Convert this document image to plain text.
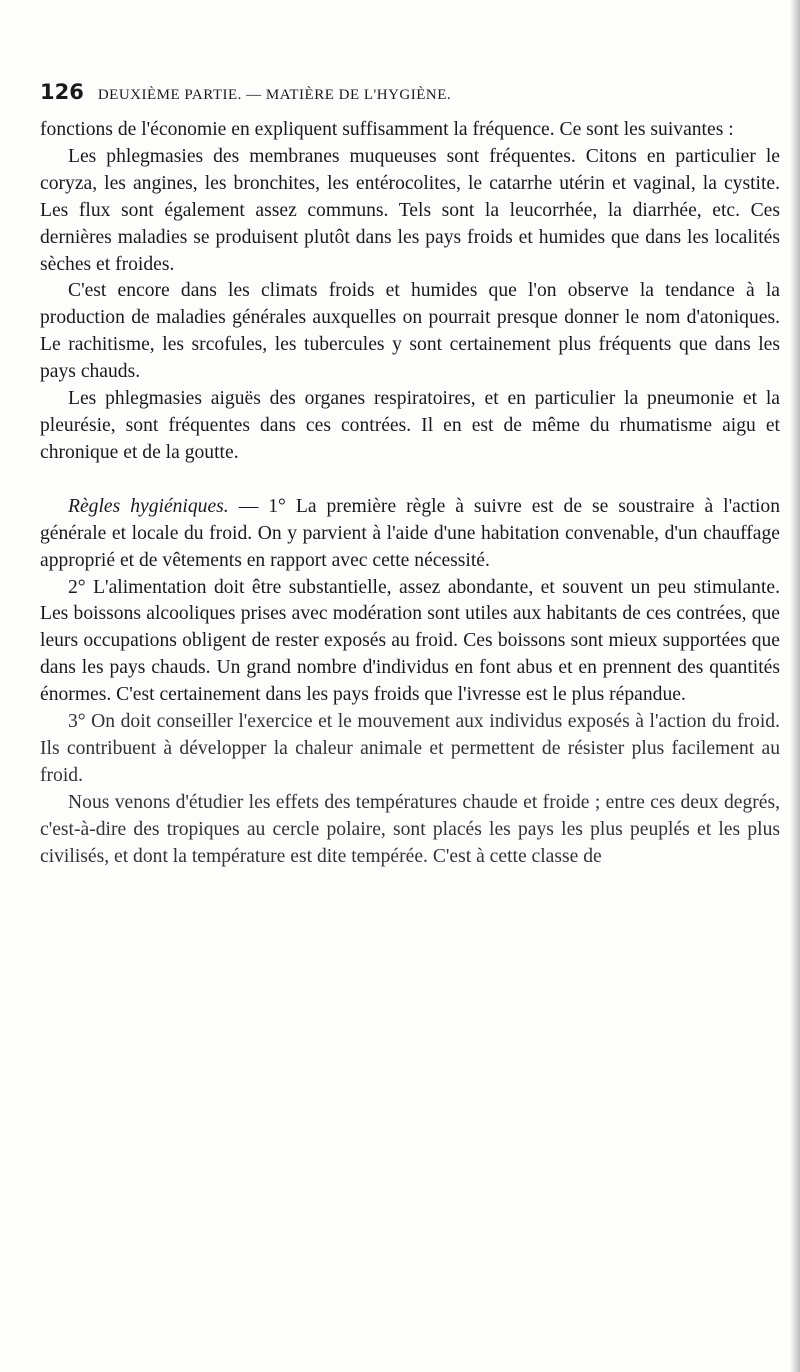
126 DEUXIÈME PARTIE. — MATIÈRE DE L'HYGIÈNE.

fonctions de l'économie en expliquent suffisamment la fréquence. Ce sont les suivantes :

Les phlegmasies des membranes muqueuses sont fréquentes. Citons en particulier le coryza, les angines, les bronchites, les entérocolites, le catarrhe utérin et vaginal, la cystite. Les flux sont également assez communs. Tels sont la leucorrhée, la diarrhée, etc. Ces dernières maladies se produisent plutôt dans les pays froids et humides que dans les localités sèches et froides.

C'est encore dans les climats froids et humides que l'on observe la tendance à la production de maladies générales auxquelles on pourrait presque donner le nom d'atoniques. Le rachitisme, les srcofules, les tubercules y sont certainement plus fréquents que dans les pays chauds.

Les phlegmasies aiguës des organes respiratoires, et en particulier la pneumonie et la pleurésie, sont fréquentes dans ces contrées. Il en est de même du rhumatisme aigu et chronique et de la goutte.

Règles hygiéniques. — 1° La première règle à suivre est de se soustraire à l'action générale et locale du froid. On y parvient à l'aide d'une habitation convenable, d'un chauffage approprié et de vêtements en rapport avec cette nécessité.

2° L'alimentation doit être substantielle, assez abondante, et souvent un peu stimulante. Les boissons alcooliques prises avec modération sont utiles aux habitants de ces contrées, que leurs occupations obligent de rester exposés au froid. Ces boissons sont mieux supportées que dans les pays chauds. Un grand nombre d'individus en font abus et en prennent des quantités énormes. C'est certainement dans les pays froids que l'ivresse est le plus répandue.

3° On doit conseiller l'exercice et le mouvement aux individus exposés à l'action du froid. Ils contribuent à développer la chaleur animale et permettent de résister plus facilement au froid.

Nous venons d'étudier les effets des températures chaude et froide ; entre ces deux degrés, c'est-à-dire des tropiques au cercle polaire, sont placés les pays les plus peuplés et les plus civilisés, et dont la température est dite tempérée. C'est à cette classe de
